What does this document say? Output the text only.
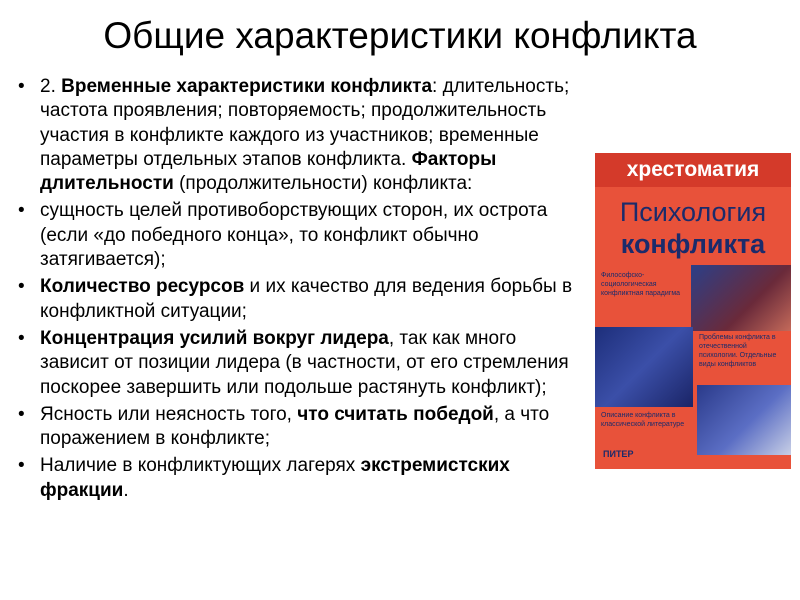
Общие характеристики конфликта
• 2. Временные характеристики конфликта: длительность; частота проявления; повторяемость; продолжительность участия в конфликте каждого из участников; временные параметры отдельных этапов конфликта. Факторы длительности (продолжительности) конфликта:
• сущность целей противоборствующих сторон, их острота (если «до победного конца», то конфликт обычно затягивается);
• Количество ресурсов и их качество для ведения борьбы в конфликтной ситуации;
• Концентрация усилий вокруг лидера, так как много зависит от позиции лидера (в частности, от его стремления поскорее завершить или подольше растянуть конфликт);
• Ясность или неясность того, что считать победой, а что поражением в конфликте;
• Наличие в конфликтующих лагерях экстремистских фракции.
хрестоматия
Психология
конфликта
Философско-социологическая конфликтная парадигма
Проблемы конфликта в отечественной психологии. Отдельные виды конфликтов
Описание конфликта в классической литературе
ПИТЕР
